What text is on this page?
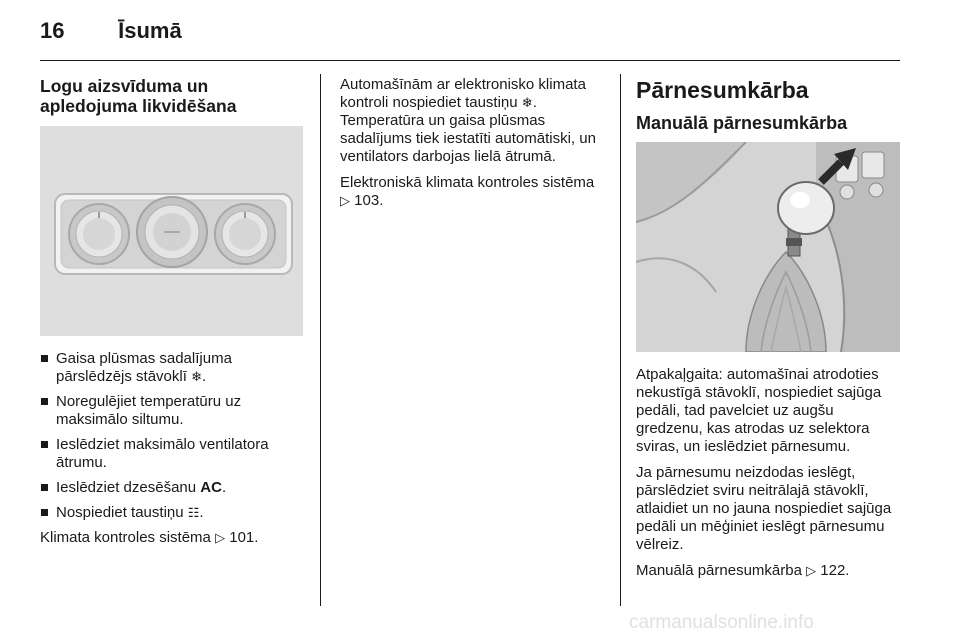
16 Īsumā
Logu aizsvīduma un
apledojuma likvidēšana
Gaisa plūsmas sadalījuma pārslēdzējs stāvoklī ❄.
Noregulējiet temperatūru uz maksimālo siltumu.
Ieslēdziet maksimālo ventilatora ātrumu.
Ieslēdziet dzesēšanu AC.
Nospiediet taustiņu ☷.

Klimata kontroles sistēma ▷ 101.

Automašīnām ar elektronisko klimata kontroli nospiediet taustiņu ❄. Temperatūra un gaisa plūsmas sadalījums tiek iestatīti automātiski, un ventilators darbojas lielā ātrumā.

Elektroniskā klimata kontroles sistēma ▷ 103.

Pārnesumkārba
Manuālā pārnesumkārba

Atpakaļgaita: automašīnai atrodoties nekustīgā stāvoklī, nospiediet sajūga pedāli, tad pavelciet uz augšu gredzenu, kas atrodas uz selektora sviras, un ieslēdziet pārnesumu.

Ja pārnesumu neizdodas ieslēgt, pārslēdziet sviru neitrālajā stāvoklī, atlaidiet un no jauna nospiediet sajūga pedāli un mēģiniet ieslēgt pārnesumu vēlreiz.

Manuālā pārnesumkārba ▷ 122.

carmanualsonline.info
